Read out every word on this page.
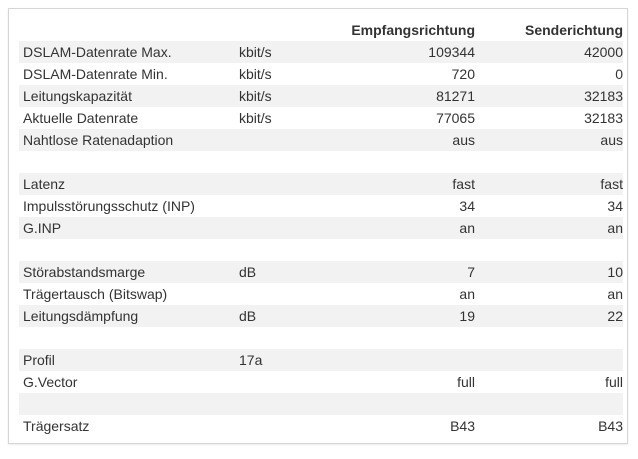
		Empfangsrichtung	Senderichtung
DSLAM-Datenrate Max.	kbit/s	109344	42000
DSLAM-Datenrate Min.	kbit/s	720	0
Leitungskapazität	kbit/s	81271	32183
Aktuelle Datenrate	kbit/s	77065	32183
Nahtlose Ratenadaption		aus	aus

Latenz		fast	fast
Impulsstörungsschutz (INP)		34	34
G.INP		an	an

Störabstandsmarge	dB	7	10
Trägertausch (Bitswap)		an	an
Leitungsdämpfung	dB	19	22

Profil	17a		
G.Vector		full	full

Trägersatz		B43	B43
